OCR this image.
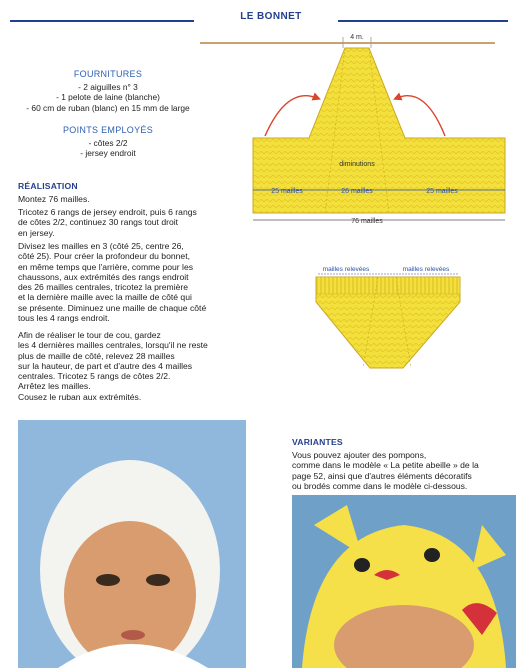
LE BONNET
FOURNITURES
- 2 aiguilles n° 3
- 1 pelote de laine (blanche)
- 60 cm de ruban (blanc) en 15 mm de large
POINTS EMPLOYÉS
- côtes 2/2
- jersey endroit
RÉALISATION
Montez 76 mailles.
Tricotez 6 rangs de jersey endroit, puis 6 rangs
de côtes 2/2, continuez 30 rangs tout droit
en jersey.
Divisez les mailles en 3 (côté 25, centre 26,
côté 25). Pour créer la profondeur du bonnet,
en même temps que l'arrière, comme pour les
chaussons, aux extrémités des rangs endroit
des 26 mailles centrales, tricotez la première
et la dernière maille avec la maille de côté qui
se présente. Diminuez une maille de chaque côté
tous les 4 rangs endroit.
Afin de réaliser le tour de cou, gardez
les 4 dernières mailles centrales, lorsqu'il ne reste
plus de maille de côté, relevez 28 mailles
sur la hauteur, de part et d'autre des 4 mailles
centrales. Tricotez 5 rangs de côtes 2/2.
Arrêtez les mailles.
Cousez le ruban aux extrémités.
4 m.
diminutions
25 mailles	26 mailles	25 mailles
76 mailles
mailles relevées	mailles relevées
VARIANTES
Vous pouvez ajouter des pompons,
comme dans le modèle « La petite abeille » de la
page 52, ainsi que d'autres éléments décoratifs
ou brodés comme dans le modèle ci-dessous.
